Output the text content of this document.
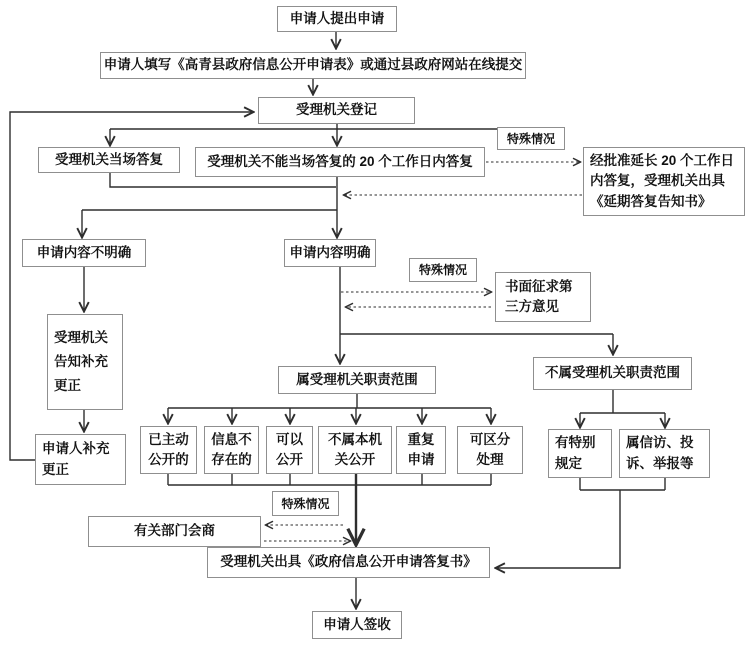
申请人提出申请
申请人填写《高青县政府信息公开申请表》或通过县政府网站在线提交
受理机关登记
受理机关当场答复	受理机关不能当场答复的 20 个工作日内答复
特殊情况
经批准延长 20 个工作日内答复，受理机关出具《延期答复告知书》
申请内容不明确	申请内容明确
特殊情况
书面征求第三方意见
受理机关告知补充更正
申请人补充更正
属受理机关职责范围	不属受理机关职责范围
已主动公开的
信息不存在的
可以公开
不属本机关公开
重复申请
可区分处理
有特别规定
属信访、投诉、举报等
特殊情况
有关部门会商
受理机关出具《政府信息公开申请答复书》
申请人签收
